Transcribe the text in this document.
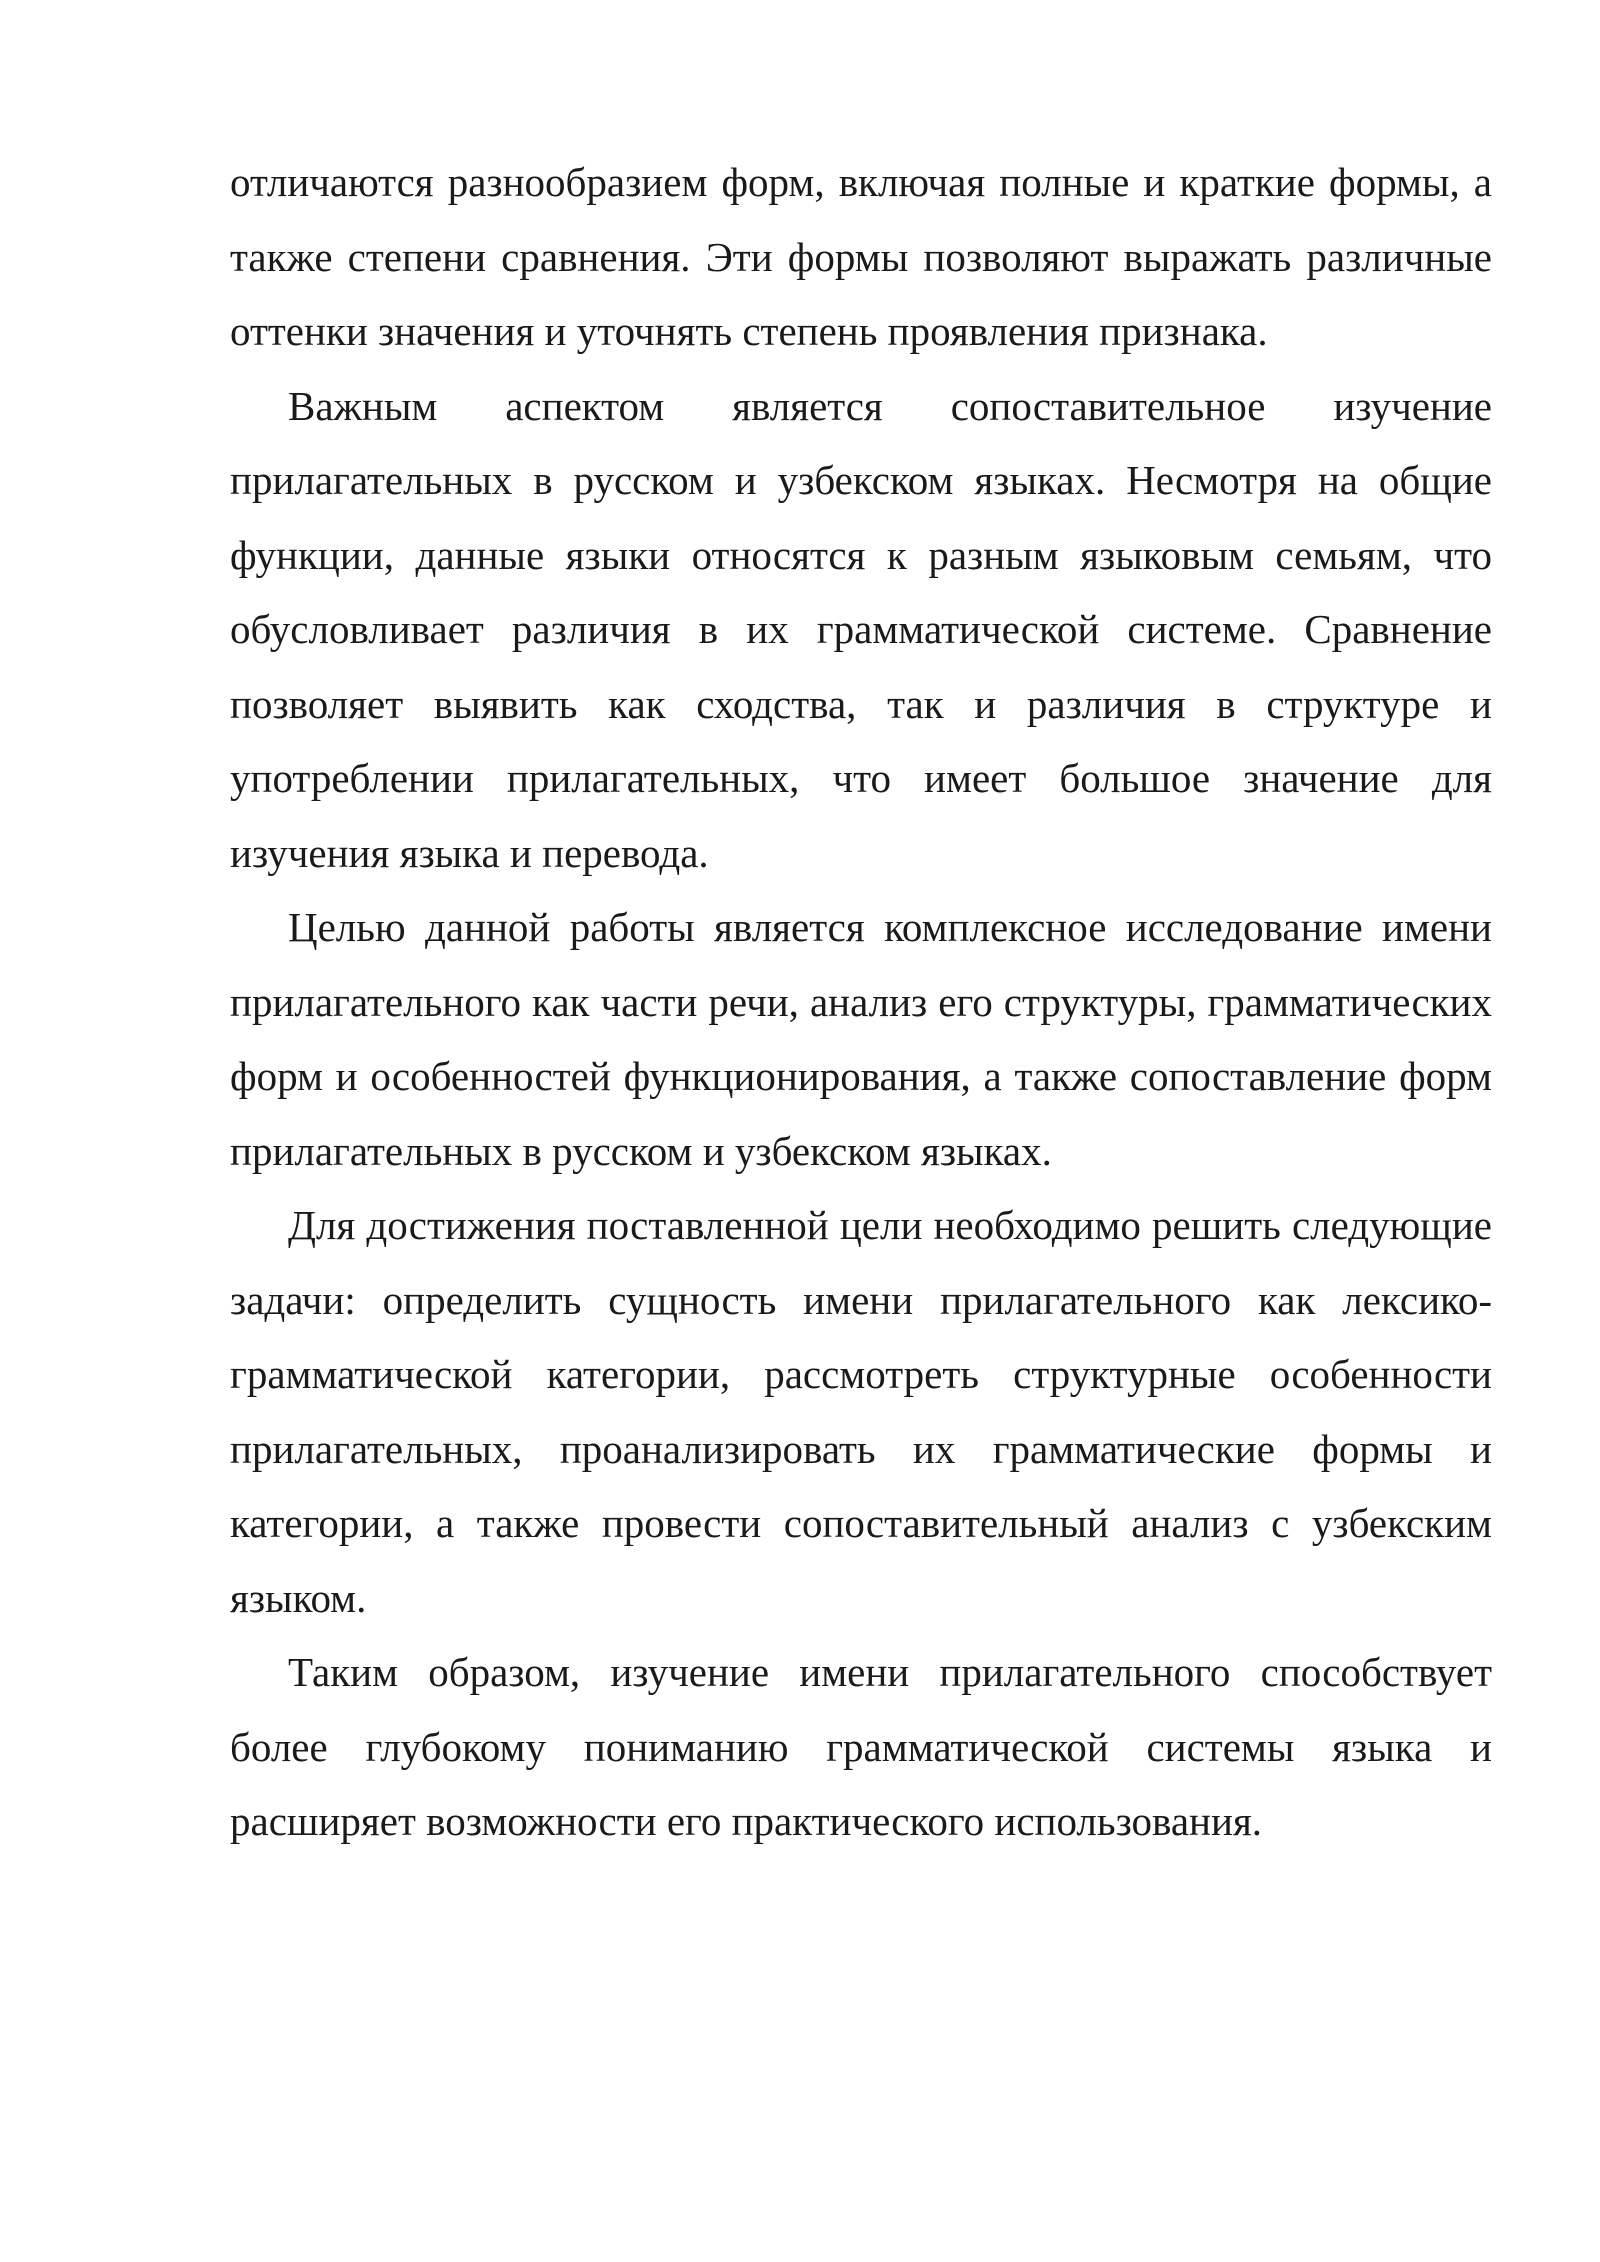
отличаются разнообразием форм, включая полные и краткие формы, а также степени сравнения. Эти формы позволяют выражать различные оттенки значения и уточнять степень проявления признака.

Важным аспектом является сопоставительное изучение прилагательных в русском и узбекском языках. Несмотря на общие функции, данные языки относятся к разным языковым семьям, что обусловливает различия в их грамматической системе. Сравнение позволяет выявить как сходства, так и различия в структуре и употреблении прилагательных, что имеет большое значение для изучения языка и перевода.

Целью данной работы является комплексное исследование имени прилагательного как части речи, анализ его структуры, грамматических форм и особенностей функционирования, а также сопоставление форм прилагательных в русском и узбекском языках.

Для достижения поставленной цели необходимо решить следующие задачи: определить сущность имени прилагательного как лексико-грамматической категории, рассмотреть структурные особенности прилагательных, проанализировать их грамматические формы и категории, а также провести сопоставительный анализ с узбекским языком.

Таким образом, изучение имени прилагательного способствует более глубокому пониманию грамматической системы языка и расширяет возможности его практического использования.
